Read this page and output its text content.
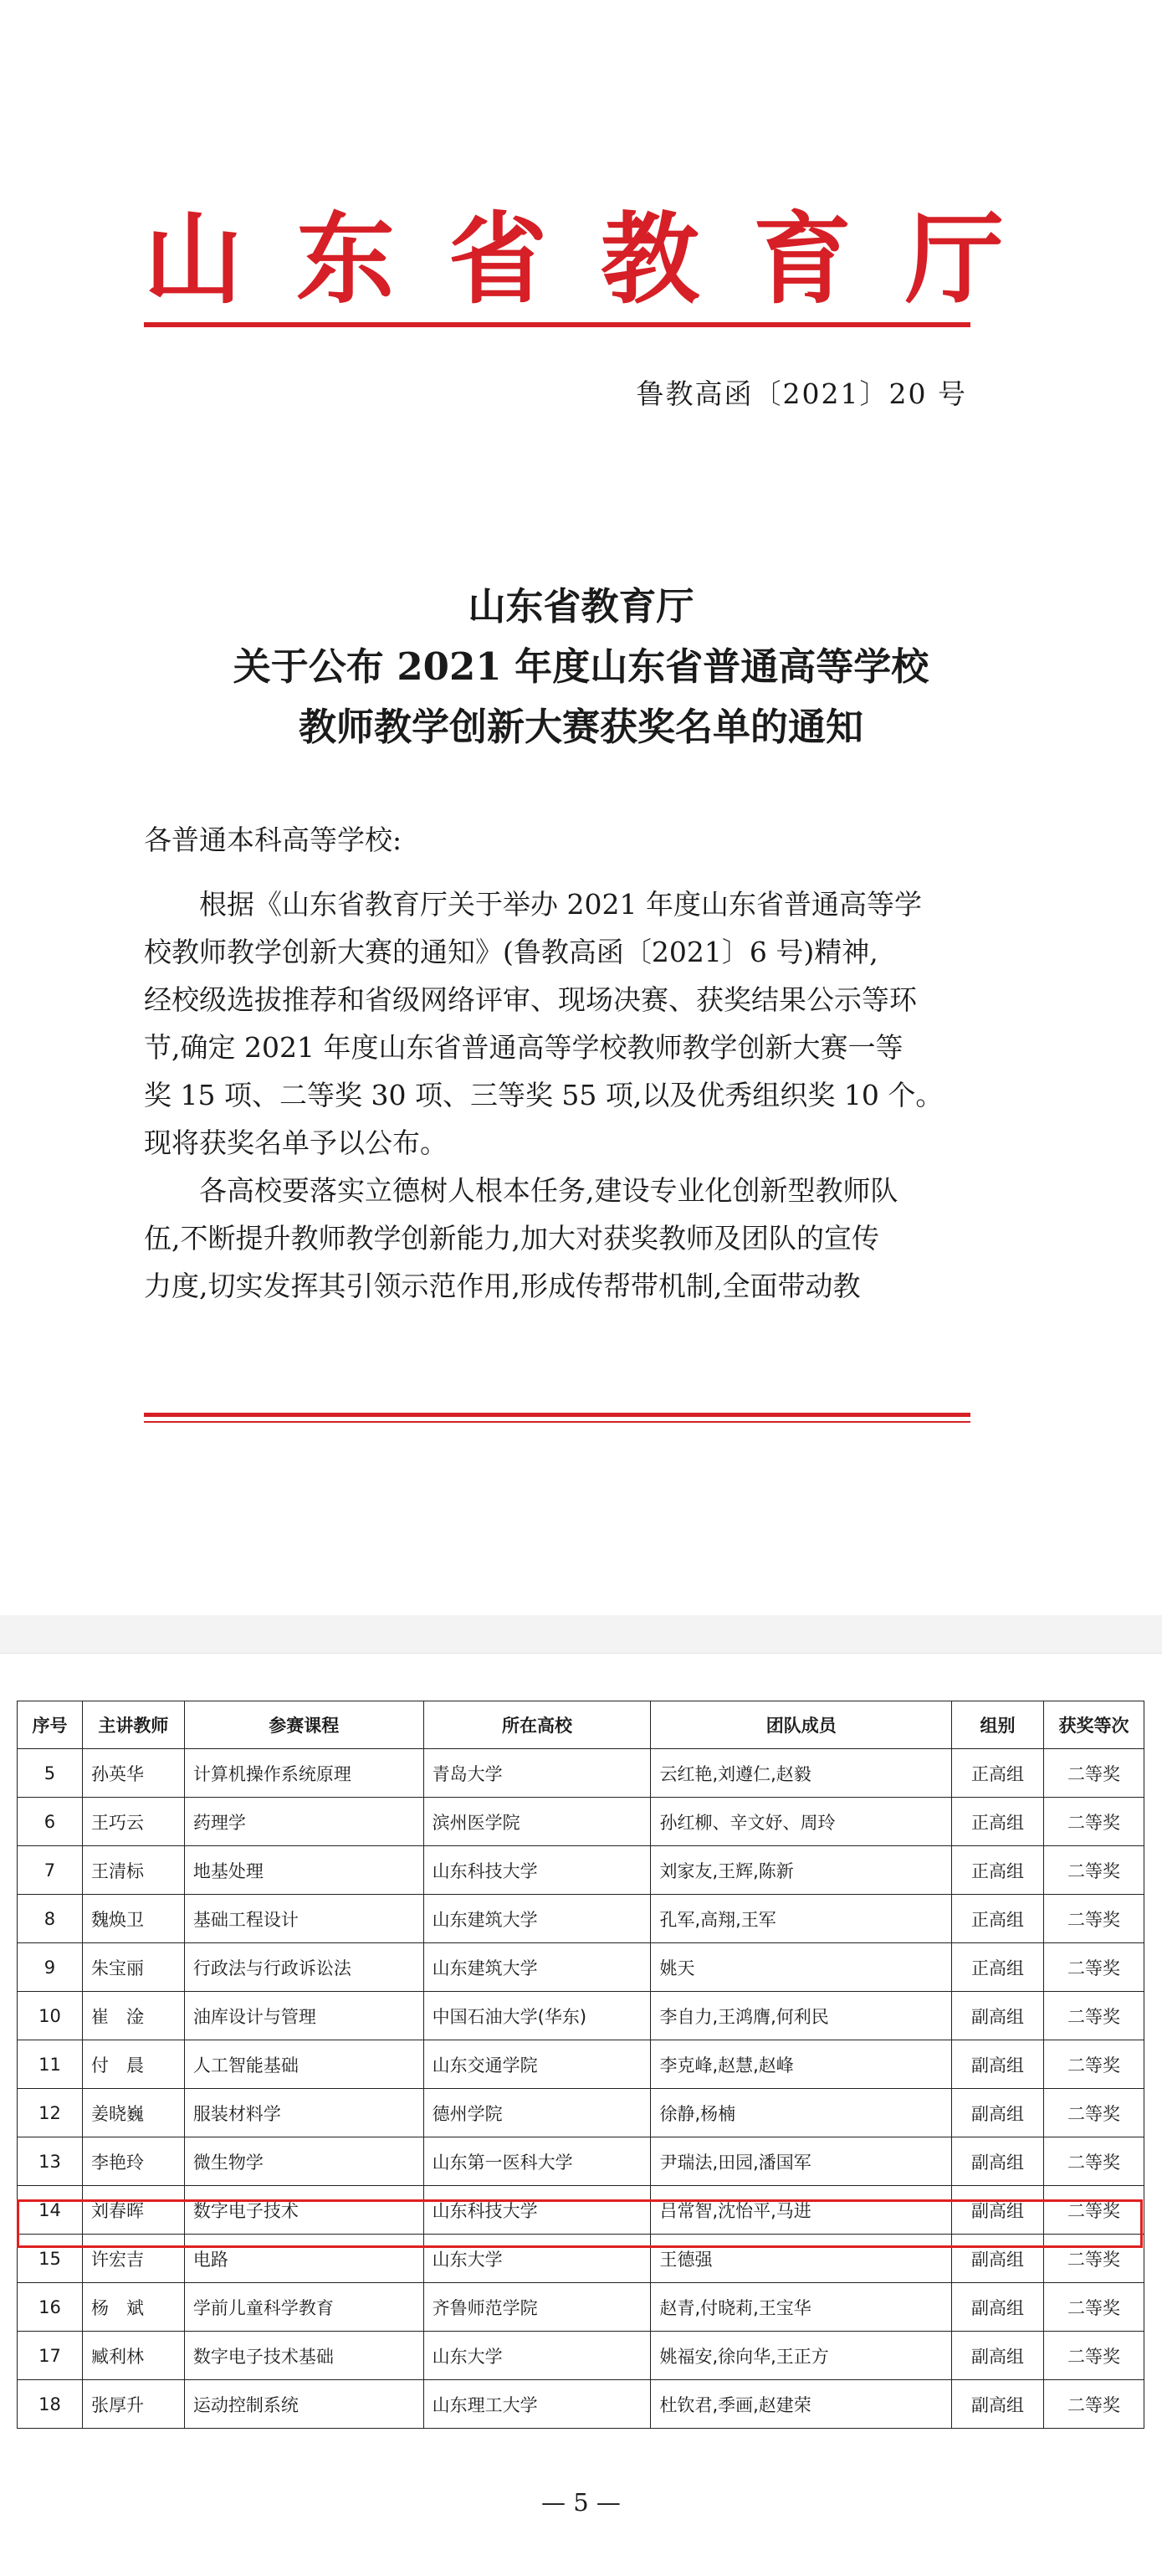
山东省教育厅
鲁教高函〔2021〕20 号
山东省教育厅
关于公布 2021 年度山东省普通高等学校
教师教学创新大赛获奖名单的通知

各普通本科高等学校:

根据《山东省教育厅关于举办 2021 年度山东省普通高等学

校教师教学创新大赛的通知》(鲁教高函〔2021〕6 号)精神,

经校级选拔推荐和省级网络评审、现场决赛、获奖结果公示等环

节,确定 2021 年度山东省普通高等学校教师教学创新大赛一等

奖 15 项、二等奖 30 项、三等奖 55 项,以及优秀组织奖 10 个。

现将获奖名单予以公布。

各高校要落实立德树人根本任务,建设专业化创新型教师队

伍,不断提升教师教学创新能力,加大对获奖教师及团队的宣传

力度,切实发挥其引领示范作用,形成传帮带机制,全面带动教

序号	主讲教师	参赛课程	所在高校	团队成员	组别	获奖等次
5	孙英华	计算机操作系统原理	青岛大学	云红艳,刘遵仁,赵毅	正高组	二等奖
6	王巧云	药理学	滨州医学院	孙红柳、辛文妤、周玲	正高组	二等奖
7	王清标	地基处理	山东科技大学	刘家友,王辉,陈新	正高组	二等奖
8	魏焕卫	基础工程设计	山东建筑大学	孔军,高翔,王军	正高组	二等奖
9	朱宝丽	行政法与行政诉讼法	山东建筑大学	姚天	正高组	二等奖
10	崔　淦	油库设计与管理	中国石油大学(华东)	李自力,王鸿膺,何利民	副高组	二等奖
11	付　晨	人工智能基础	山东交通学院	李克峰,赵慧,赵峰	副高组	二等奖
12	姜晓巍	服装材料学	德州学院	徐静,杨楠	副高组	二等奖
13	李艳玲	微生物学	山东第一医科大学	尹瑞法,田园,潘国军	副高组	二等奖
14	刘春晖	数字电子技术	山东科技大学	吕常智,沈怡平,马进	副高组	二等奖
15	许宏吉	电路	山东大学	王德强	副高组	二等奖
16	杨　斌	学前儿童科学教育	齐鲁师范学院	赵青,付晓莉,王宝华	副高组	二等奖
17	臧利林	数字电子技术基础	山东大学	姚福安,徐向华,王正方	副高组	二等奖
18	张厚升	运动控制系统	山东理工大学	杜钦君,季画,赵建荣	副高组	二等奖
— 5 —
